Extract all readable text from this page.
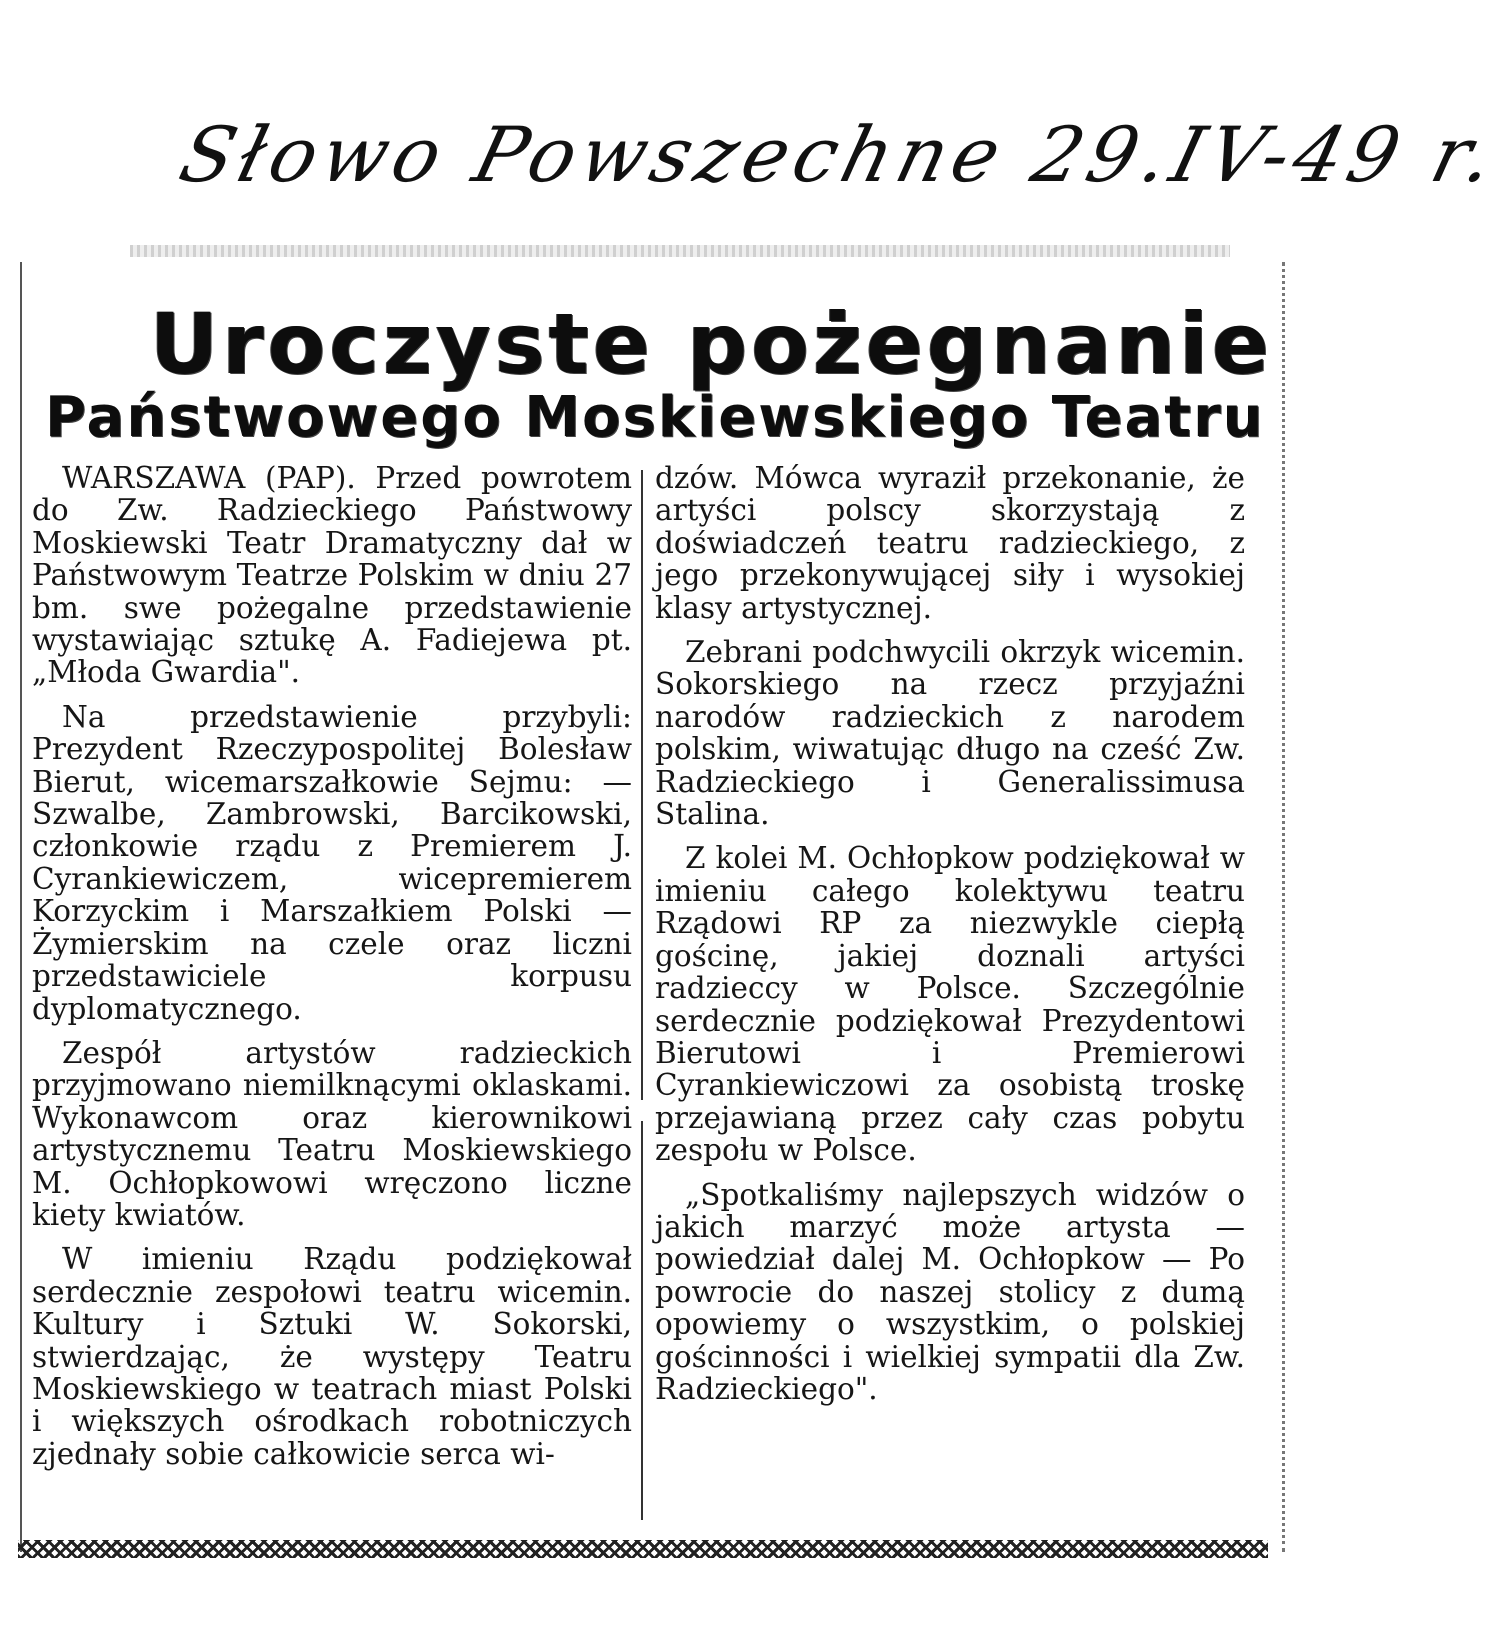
Słowo Powszechne 29.IV-49 r.
Uroczyste pożegnanie
Państwowego Moskiewskiego Teatru

WARSZAWA (PAP). Przed powrotem do Zw. Radzieckiego Państwowy Moskiewski Teatr Dramatyczny dał w Państwowym Teatrze Polskim w dniu 27 bm. swe pożegalne przedstawienie wystawiając sztukę A. Fadiejewa pt. „Młoda Gwardia".

Na przedstawienie przybyli: Prezydent Rzeczypospolitej Bolesław Bierut, wicemarszałkowie Sejmu: — Szwalbe, Zambrowski, Barcikowski, członkowie rządu z Premierem J. Cyrankiewiczem, wicepremierem Korzyckim i Marszałkiem Polski — Żymierskim na czele oraz liczni przedstawiciele korpusu dyplomatycznego.

Zespół artystów radzieckich przyjmowano niemilknącymi oklaskami. Wykonawcom oraz kierownikowi artystycznemu Teatru Moskiewskiego M. Ochłopkowowi wręczono liczne kiety kwiatów.

W imieniu Rządu podziękował serdecznie zespołowi teatru wicemin. Kultury i Sztuki W. Sokorski, stwierdzając, że występy Teatru Moskiewskiego w teatrach miast Polski i większych ośrodkach robotniczych zjednały sobie całkowicie serca wi-

dzów. Mówca wyraził przekonanie, że artyści polscy skorzystają z doświadczeń teatru radzieckiego, z jego przekonywującej siły i wysokiej klasy artystycznej.

Zebrani podchwycili okrzyk wicemin. Sokorskiego na rzecz przyjaźni narodów radzieckich z narodem polskim, wiwatując długo na cześć Zw. Radzieckiego i Generalissimusa Stalina.

Z kolei M. Ochłopkow podziękował w imieniu całego kolektywu teatru Rządowi RP za niezwykle ciepłą gościnę, jakiej doznali artyści radzieccy w Polsce. Szczególnie serdecznie podziękował Prezydentowi Bierutowi i Premierowi Cyrankiewiczowi za osobistą troskę przejawianą przez cały czas pobytu zespołu w Polsce.

„Spotkaliśmy najlepszych widzów o jakich marzyć może artysta — powiedział dalej M. Ochłopkow — Po powrocie do naszej stolicy z dumą opowiemy o wszystkim, o polskiej gościnności i wielkiej sympatii dla Zw. Radzieckiego".
